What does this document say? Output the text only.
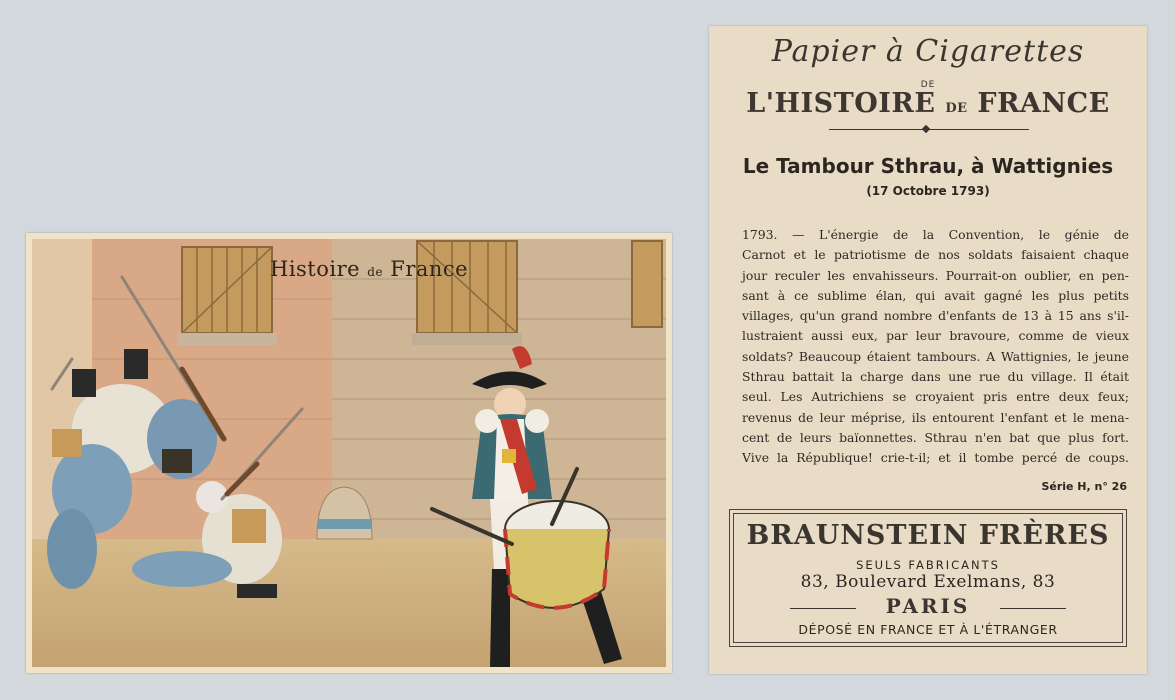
Histoire de France
Papier à Cigarettes
DE
L'HISTOIRE DE FRANCE
Le Tambour Sthrau, à Wattignies
(17 Octobre 1793)
1793. — L'énergie de la Convention, le génie de
Carnot et le patriotisme de nos soldats faisaient chaque
jour reculer les envahisseurs. Pourrait-on oublier, en pen-
sant à ce sublime élan, qui avait gagné les plus petits
villages, qu'un grand nombre d'enfants de 13 à 15 ans s'il-
lustraient aussi eux, par leur bravoure, comme de vieux
soldats? Beaucoup étaient tambours. A Wattignies, le jeune
Sthrau battait la charge dans une rue du village. Il était
seul. Les Autrichiens se croyaient pris entre deux feux;
revenus de leur méprise, ils entourent l'enfant et le mena-
cent de leurs baïonnettes. Sthrau n'en bat que plus fort.
Vive la République! crie-t-il; et il tombe percé de coups.
Série H, n° 26
BRAUNSTEIN FRÈRES
SEULS FABRICANTS
83, Boulevard Exelmans, 83
PARIS
DÉPOSÉ EN FRANCE ET À L'ÉTRANGER
